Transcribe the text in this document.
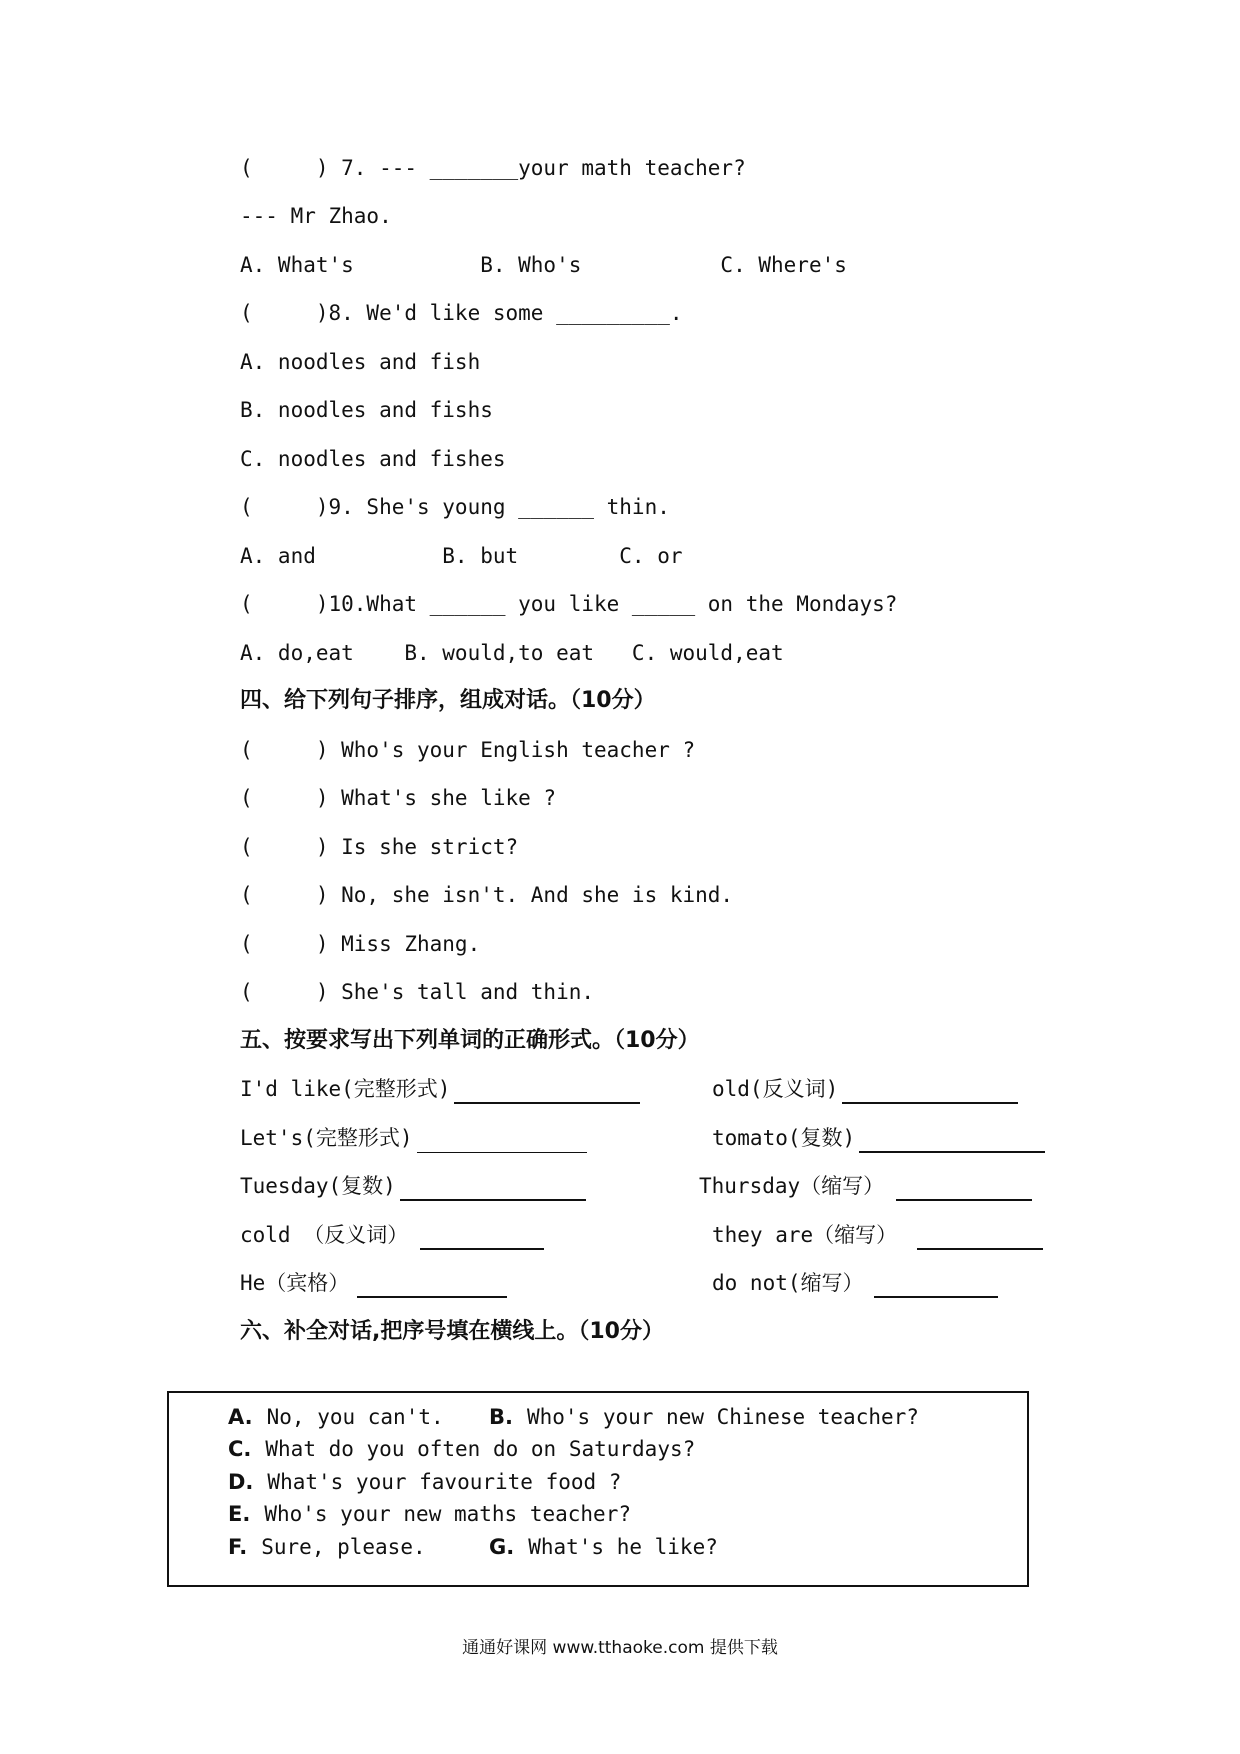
(     ) 7. --- _______your math teacher?
--- Mr Zhao.
A. What's          B. Who's           C. Where's
(     )8. We'd like some _________.
A. noodles and fish
B. noodles and fishs
C. noodles and fishes
(     )9. She's young ______ thin.
A. and          B. but        C. or
(     )10.What ______ you like _____ on the Mondays?
A. do,eat    B. would,to eat   C. would,eat
四、给下列句子排序，组成对话。（10分）
(     ) Who's your English teacher ?
(     ) What's she like ?
(     ) Is she strict?
(     ) No, she isn't. And she is kind.
(     ) Miss Zhang.
(     ) She's tall and thin.
五、按要求写出下列单词的正确形式。（10分）
I'd like(完整形式)	old(反义词)
Let's(完整形式)	tomato(复数)
Tuesday(复数)	Thursday（缩写）
cold （反义词）	they are（缩写）
He（宾格）	do not(缩写）
六、补全对话,把序号填在横线上。（10分）
A. No, you can't. B. Who's your new Chinese teacher?
C. What do you often do on Saturdays?
D. What's your favourite food ?
E. Who's your new maths teacher?
F. Sure, please.	G. What's he like?
通通好课网 www.tthaoke.com 提供下载
